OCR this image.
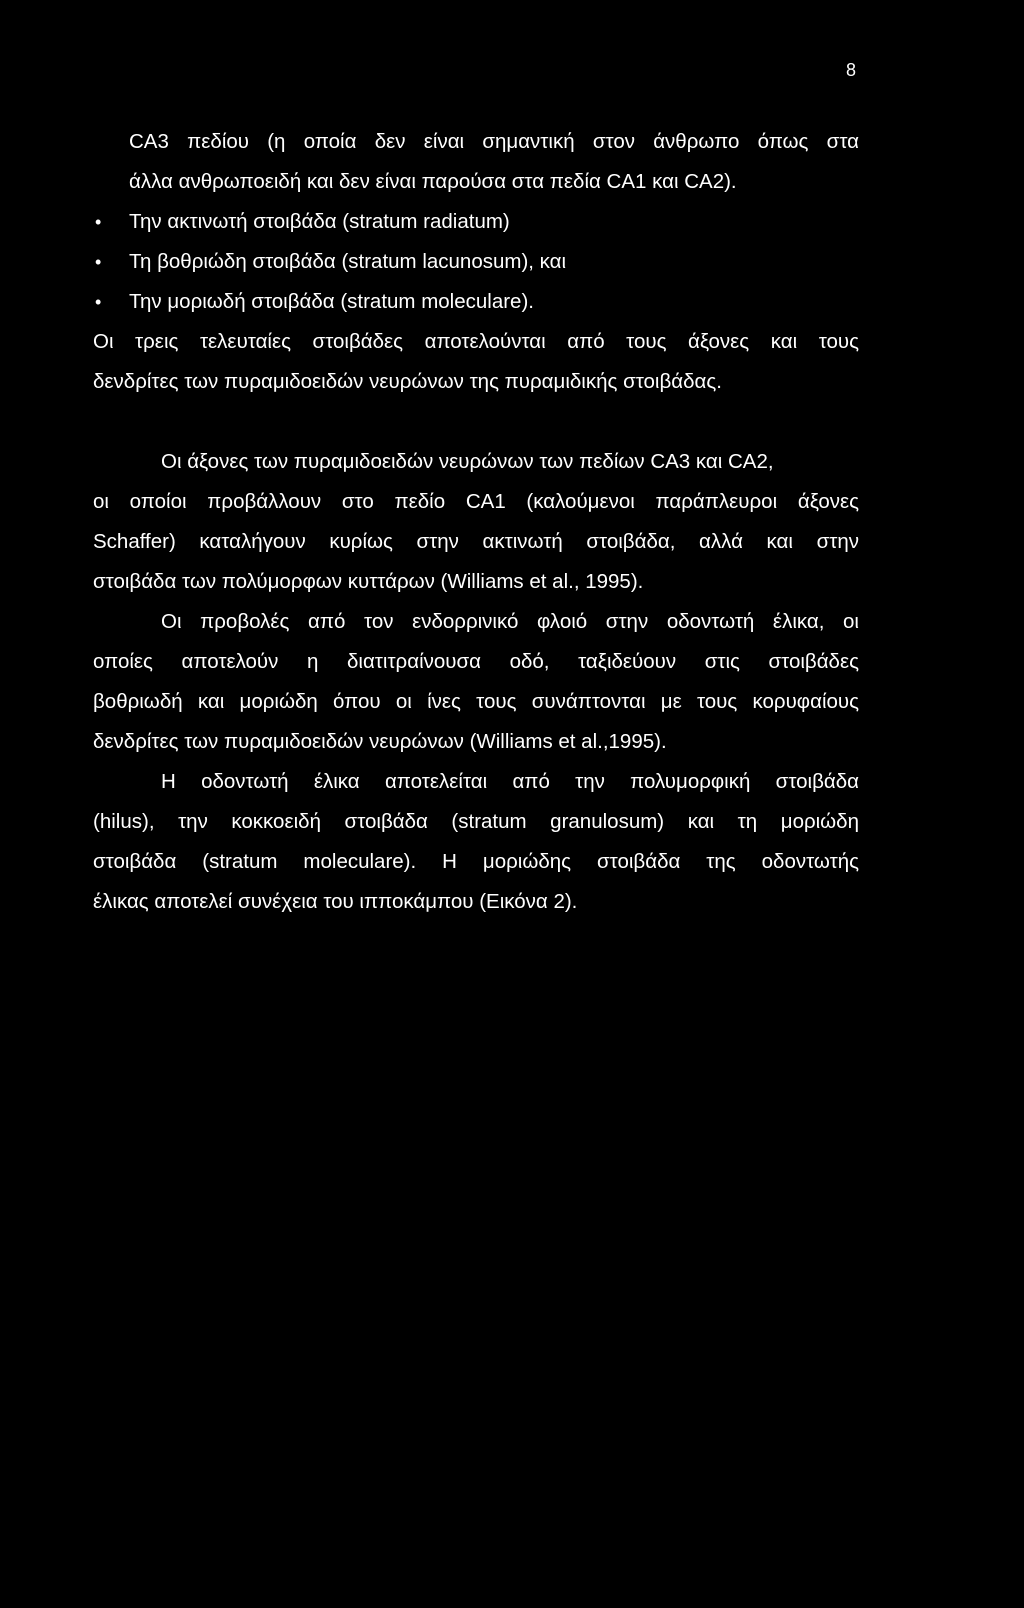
8
CA3 πεδίου (η οποία δεν είναι σημαντική στον άνθρωπο όπως στα
άλλα ανθρωποειδή και δεν είναι παρούσα στα πεδία CA1 και CA2).
• Την ακτινωτή στοιβάδα (stratum radiatum)
• Τη βοθριώδη στοιβάδα (stratum lacunosum), και
• Την μοριωδή στοιβάδα (stratum moleculare).
Οι τρεις τελευταίες στοιβάδες αποτελούνται από τους άξονες και τους
δενδρίτες των πυραμιδοειδών νευρώνων της πυραμιδικής στοιβάδας.
Οι άξονες των πυραμιδοειδών νευρώνων των πεδίων CA3 και CA2,
οι οποίοι προβάλλουν στο πεδίο CA1 (καλούμενοι παράπλευροι άξονες
Schaffer) καταλήγουν κυρίως στην ακτινωτή στοιβάδα, αλλά και στην
στοιβάδα των πολύμορφων κυττάρων (Williams et al., 1995).
Οι προβολές από τον ενδορρινικό φλοιό στην οδοντωτή έλικα, οι
οποίες αποτελούν η διατιτραίνουσα οδό, ταξιδεύουν στις στοιβάδες
βοθριωδή και μοριώδη όπου οι ίνες τους συνάπτονται με τους κορυφαίους
δενδρίτες των πυραμιδοειδών νευρώνων (Williams et al.,1995).
Η οδοντωτή έλικα αποτελείται από την πολυμορφική στοιβάδα
(hilus), την κοκκοειδή στοιβάδα (stratum granulosum) και τη μοριώδη
στοιβάδα (stratum moleculare). Η μοριώδης στοιβάδα της οδοντωτής
έλικας αποτελεί συνέχεια του ιπποκάμπου (Εικόνα 2).
